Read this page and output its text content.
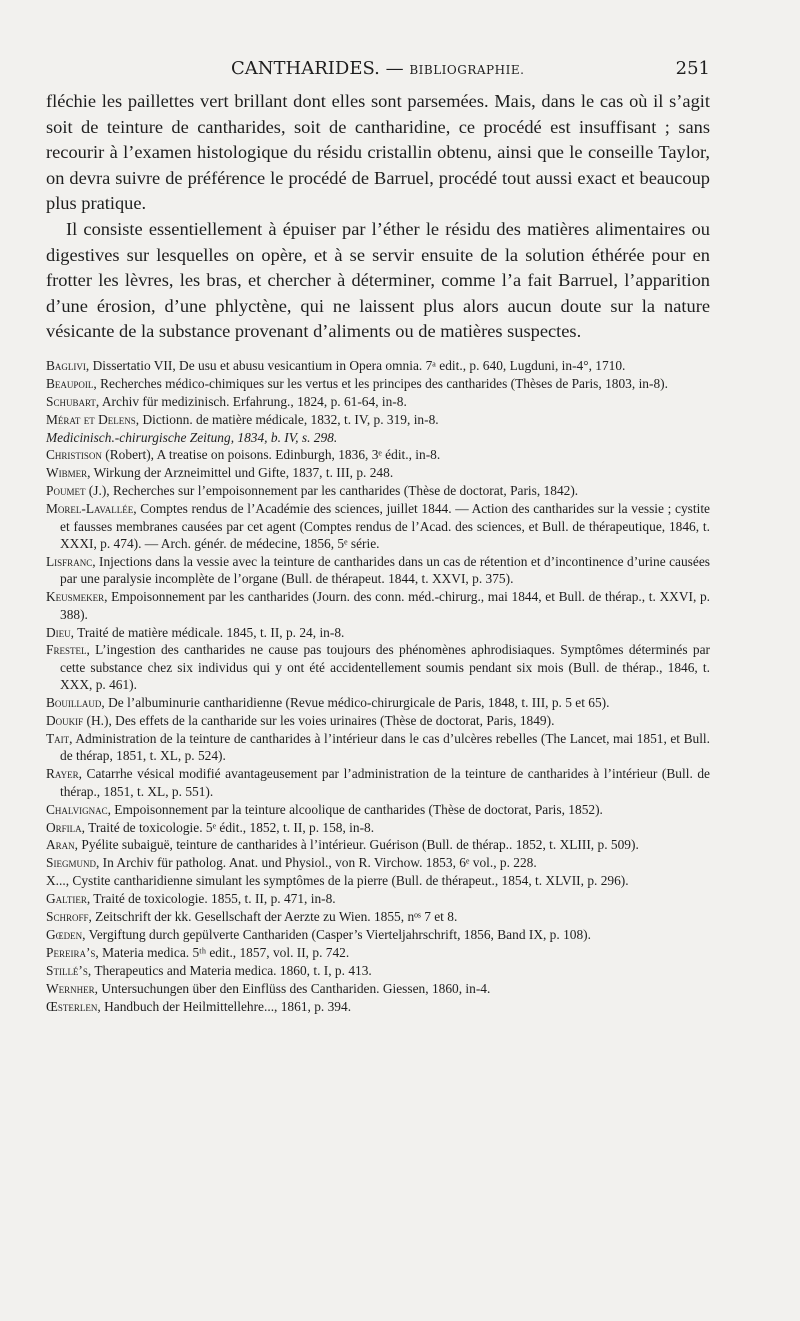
CANTHARIDES. — BIBLIOGRAPHIE.	251

fléchie les paillettes vert brillant dont elles sont parsemées. Mais, dans le cas où il s’agit soit de teinture de cantharides, soit de cantharidine, ce procédé est insuffisant ; sans recourir à l’examen histologique du résidu cristallin obtenu, ainsi que le conseille Taylor, on devra suivre de préférence le procédé de Barruel, procédé tout aussi exact et beaucoup plus pratique.

Il consiste essentiellement à épuiser par l’éther le résidu des matières alimentaires ou digestives sur lesquelles on opère, et à se servir ensuite de la solution éthérée pour en frotter les lèvres, les bras, et chercher à déterminer, comme l’a fait Barruel, l’apparition d’une érosion, d’une phlyctène, qui ne laissent plus alors aucun doute sur la nature vésicante de la substance provenant d’aliments ou de matières suspectes.

Baglivi, Dissertatio VII, De usu et abusu vesicantium in Opera omnia. 7ᵃ edit., p. 640, Lugduni, in-4°, 1710.

Beaupoil, Recherches médico-chimiques sur les vertus et les principes des cantharides (Thèses de Paris, 1803, in-8).

Schubart, Archiv für medizinisch. Erfahrung., 1824, p. 61-64, in-8.

Mérat et Delens, Dictionn. de matière médicale, 1832, t. IV, p. 319, in-8.

Medicinisch.-chirurgische Zeitung, 1834, b. IV, s. 298.

Christison (Robert), A treatise on poisons. Edinburgh, 1836, 3ᵉ édit., in-8.

Wibmer, Wirkung der Arzneimittel und Gifte, 1837, t. III, p. 248.

Poumet (J.), Recherches sur l’empoisonnement par les cantharides (Thèse de doctorat, Paris, 1842).

Morel-Lavallée, Comptes rendus de l’Académie des sciences, juillet 1844. — Action des cantharides sur la vessie ; cystite et fausses membranes causées par cet agent (Comptes rendus de l’Acad. des sciences, et Bull. de thérapeutique, 1846, t. XXXI, p. 474). — Arch. génér. de médecine, 1856, 5ᵉ série.

Lisfranc, Injections dans la vessie avec la teinture de cantharides dans un cas de rétention et d’incontinence d’urine causées par une paralysie incomplète de l’organe (Bull. de thérapeut. 1844, t. XXVI, p. 375).

Keusmeker, Empoisonnement par les cantharides (Journ. des conn. méd.-chirurg., mai 1844, et Bull. de thérap., t. XXVI, p. 388).

Dieu, Traité de matière médicale. 1845, t. II, p. 24, in-8.

Frestel, L’ingestion des cantharides ne cause pas toujours des phénomènes aphrodisiaques. Symptômes déterminés par cette substance chez six individus qui y ont été accidentellement soumis pendant six mois (Bull. de thérap., 1846, t. XXX, p. 461).

Bouillaud, De l’albuminurie cantharidienne (Revue médico-chirurgicale de Paris, 1848, t. III, p. 5 et 65).

Doukif (H.), Des effets de la cantharide sur les voies urinaires (Thèse de doctorat, Paris, 1849).

Tait, Administration de la teinture de cantharides à l’intérieur dans le cas d’ulcères rebelles (The Lancet, mai 1851, et Bull. de thérap, 1851, t. XL, p. 524).

Rayer, Catarrhe vésical modifié avantageusement par l’administration de la teinture de cantharides à l’intérieur (Bull. de thérap., 1851, t. XL, p. 551).

Chalvignac, Empoisonnement par la teinture alcoolique de cantharides (Thèse de doctorat, Paris, 1852).

Orfila, Traité de toxicologie. 5ᵉ édit., 1852, t. II, p. 158, in-8.

Aran, Pyélite subaiguë, teinture de cantharides à l’intérieur. Guérison (Bull. de thérap.. 1852, t. XLIII, p. 509).

Siegmund, In Archiv für patholog. Anat. und Physiol., von R. Virchow. 1853, 6ᵉ vol., p. 228.

X..., Cystite cantharidienne simulant les symptômes de la pierre (Bull. de thérapeut., 1854, t. XLVII, p. 296).

Galtier, Traité de toxicologie. 1855, t. II, p. 471, in-8.

Schroff, Zeitschrift der kk. Gesellschaft der Aerzte zu Wien. 1855, nᵒˢ 7 et 8.

Gœden, Vergiftung durch gepülverte Canthariden (Casper’s Vierteljahrschrift, 1856, Band IX, p. 108).

Pereira’s, Materia medica. 5ᵗʰ edit., 1857, vol. II, p. 742.

Stillé’s, Therapeutics and Materia medica. 1860, t. I, p. 413.

Wernher, Untersuchungen über den Einflüss des Canthariden. Giessen, 1860, in-4.

Œsterlen, Handbuch der Heilmittellehre..., 1861, p. 394.
